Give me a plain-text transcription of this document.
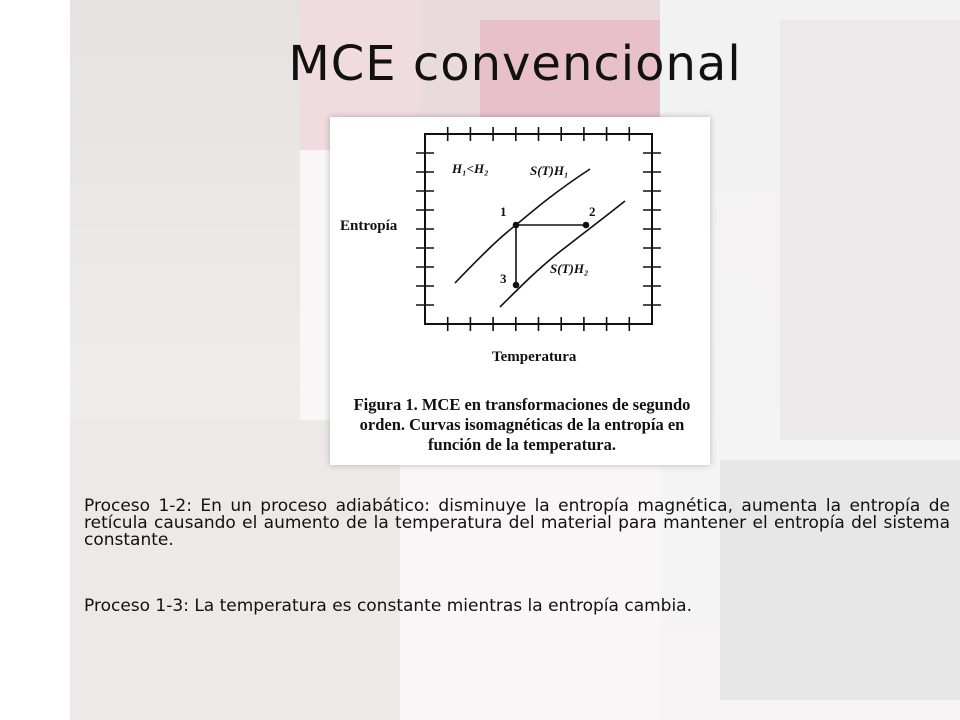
MCE convencional
1	2
3
H₁<H₂	S(T)H₁
S(T)H₂
Entropía
Temperatura
Figura 1. MCE en transformaciones de segundo orden. Curvas isomagnéticas de la entropía en función de la temperatura.
Proceso 1-2: En un proceso adiabático: disminuye la entropía magnética, aumenta la entropía de retícula causando el aumento de la temperatura del material para mantener el entropía del sistema constante.
Proceso 1-3: La temperatura es constante mientras la entropía cambia.
